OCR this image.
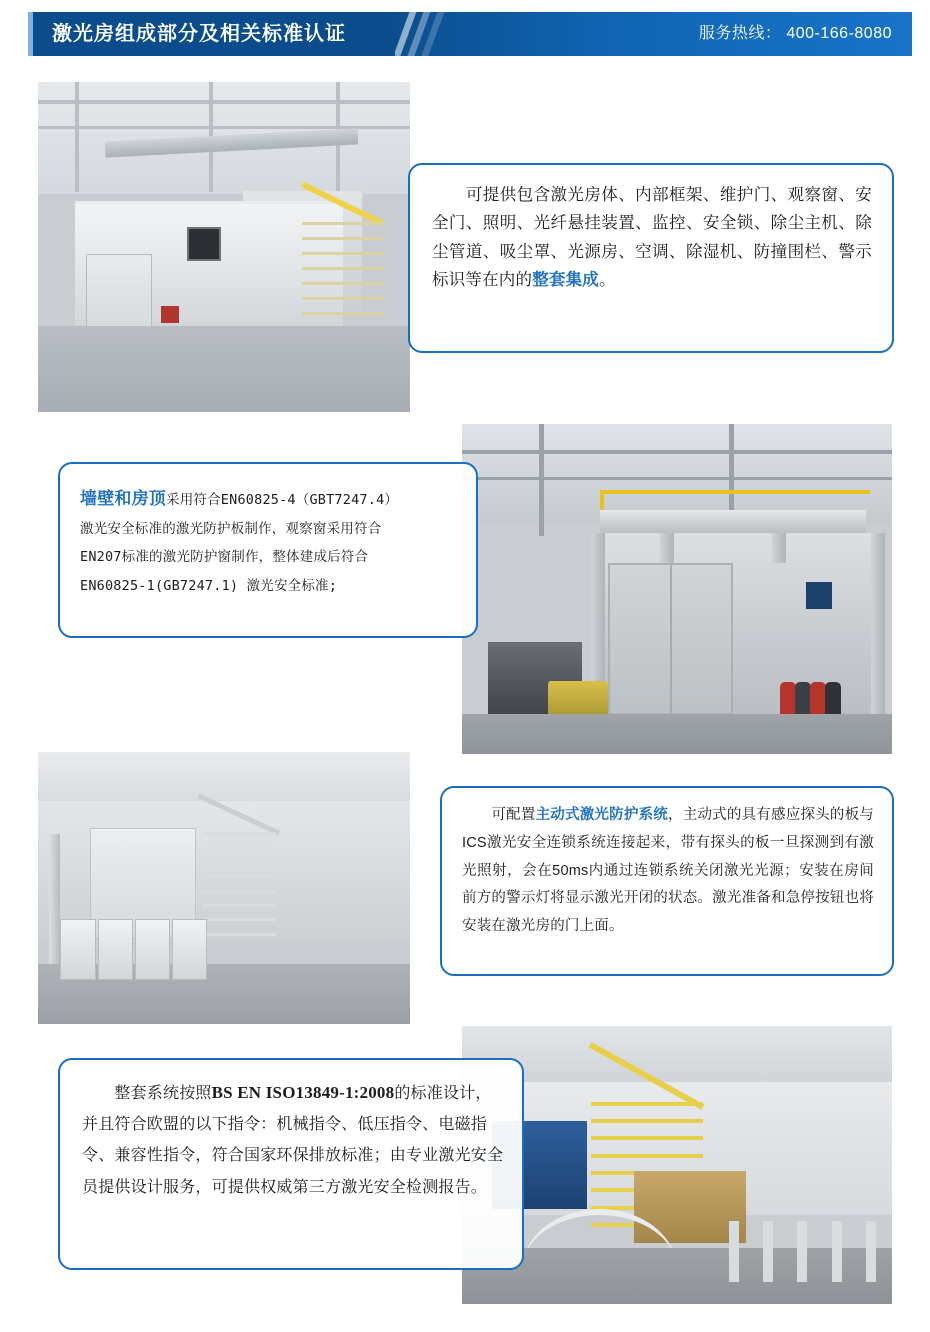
激光房组成部分及相关标准认证	服务热线： 400-166-8080
　　可提供包含激光房体、内部框架、维护门、观察窗、安全门、照明、光纤悬挂装置、监控、安全锁、除尘主机、除尘管道、吸尘罩、光源房、空调、除湿机、防撞围栏、警示标识等在内的整套集成。
墙壁和房顶采用符合EN60825-4（GBT7247.4）
激光安全标准的激光防护板制作，观察窗采用符合
EN207标准的激光防护窗制作，整体建成后符合
EN60825-1(GB7247.1) 激光安全标准;
　　可配置主动式激光防护系统，主动式的具有感应探头的板与ICS激光安全连锁系统连接起来，带有探头的板一旦探测到有激光照射，会在50ms内通过连锁系统关闭激光光源；安装在房间前方的警示灯将显示激光开闭的状态。激光准备和急停按钮也将安装在激光房的门上面。
　　整套系统按照BS EN ISO13849-1:2008的标准设计，并且符合欧盟的以下指令：机械指令、低压指令、电磁指令、兼容性指令，符合国家环保排放标准；由专业激光安全员提供设计服务，可提供权威第三方激光安全检测报告。
